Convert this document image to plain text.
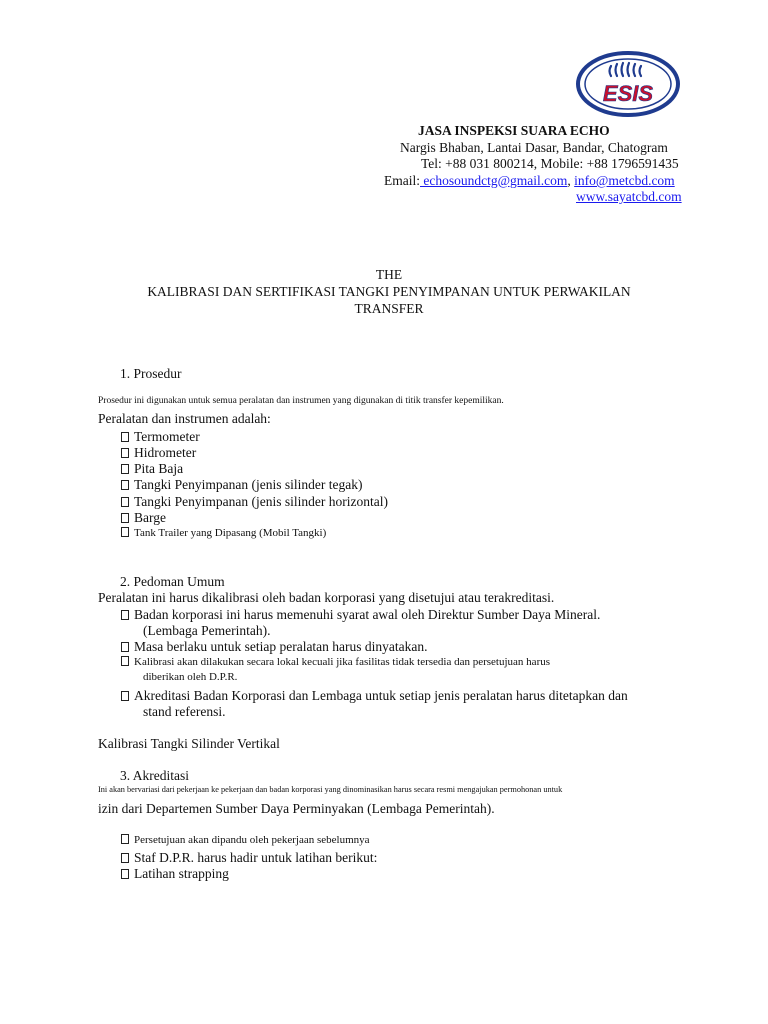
ESIS
JASA INSPEKSI SUARA ECHO
Nargis Bhaban, Lantai Dasar, Bandar, Chatogram
Tel: +88 031 800214, Mobile: +88 1796591435
Email: echosoundctg@gmail.com, info@metcbd.com
www.sayatcbd.com
THE
KALIBRASI DAN SERTIFIKASI TANGKI PENYIMPANAN UNTUK PERWAKILAN
TRANSFER
1. Prosedur
Prosedur ini digunakan untuk semua peralatan dan instrumen yang digunakan di titik transfer kepemilikan.
Peralatan dan instrumen adalah:
Termometer
Hidrometer
Pita Baja
Tangki Penyimpanan (jenis silinder tegak)
Tangki Penyimpanan (jenis silinder horizontal)
Barge
Tank Trailer yang Dipasang (Mobil Tangki)
2. Pedoman Umum
Peralatan ini harus dikalibrasi oleh badan korporasi yang disetujui atau terakreditasi.
Badan korporasi ini harus memenuhi syarat awal oleh Direktur Sumber Daya Mineral.
(Lembaga Pemerintah).
Masa berlaku untuk setiap peralatan harus dinyatakan.
Kalibrasi akan dilakukan secara lokal kecuali jika fasilitas tidak tersedia dan persetujuan harus
diberikan oleh D.P.R.
Akreditasi Badan Korporasi dan Lembaga untuk setiap jenis peralatan harus ditetapkan dan
stand referensi.
Kalibrasi Tangki Silinder Vertikal
3. Akreditasi
Ini akan bervariasi dari pekerjaan ke pekerjaan dan badan korporasi yang dinominasikan harus secara resmi mengajukan permohonan untuk
izin dari Departemen Sumber Daya Perminyakan (Lembaga Pemerintah).
Persetujuan akan dipandu oleh pekerjaan sebelumnya
Staf D.P.R. harus hadir untuk latihan berikut:
Latihan strapping
